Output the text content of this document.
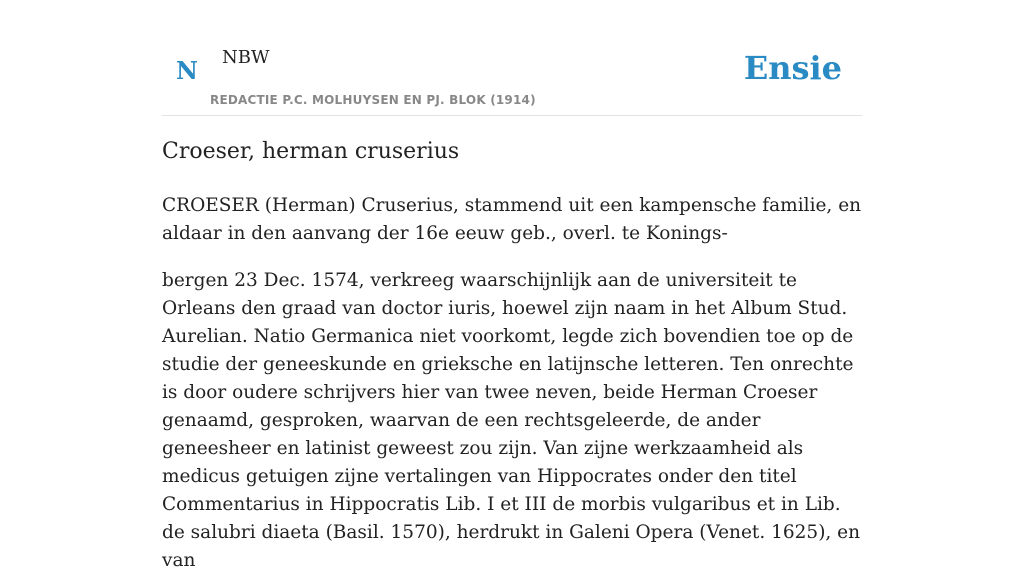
N NBW
REDACTIE P.C. MOLHUYSEN EN PJ. BLOK (1914)
Ensie
Croeser, herman cruserius

CROESER (Herman) Cruserius, stammend uit een kampensche familie, en aldaar in den aanvang der 16e eeuw geb., overl. te Konings-

bergen 23 Dec. 1574, verkreeg waarschijnlijk aan de universiteit te Orleans den graad van doctor iuris, hoewel zijn naam in het Album Stud. Aurelian. Natio Germanica niet voorkomt, legde zich bovendien toe op de studie der geneeskunde en grieksche en latijnsche letteren. Ten onrechte is door oudere schrijvers hier van twee neven, beide Herman Croeser genaamd, gesproken, waarvan de een rechtsgeleerde, de ander geneesheer en latinist geweest zou zijn. Van zijne werkzaamheid als medicus getuigen zijne vertalingen van Hippocrates onder den titel Commentarius in Hippocratis Lib. I et III de morbis vulgaribus et in Lib. de salubri diaeta (Basil. 1570), herdrukt in Galeni Opera (Venet. 1625), en van
